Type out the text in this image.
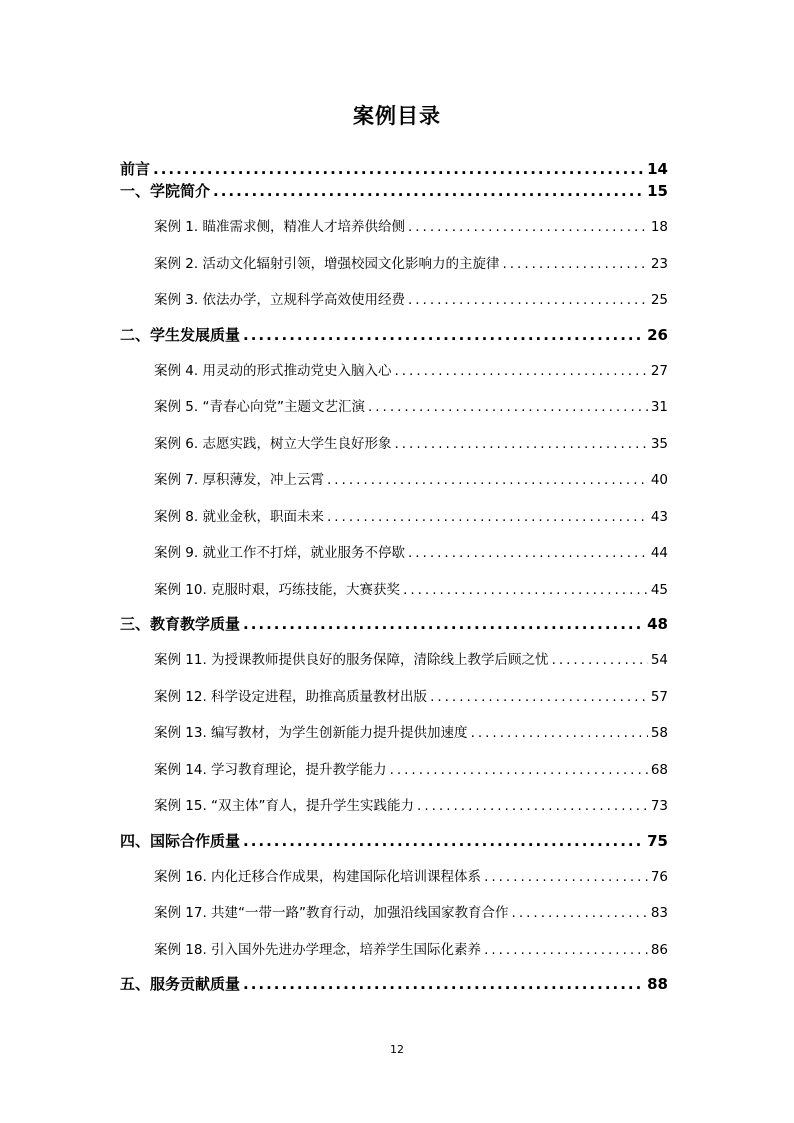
案例目录
前言 .....	14
一、学院简介 .....	15
案例 1. 瞄准需求侧，精准人才培养供给侧 .....	18
案例 2. 活动文化辐射引领，增强校园文化影响力的主旋律 .....	23
案例 3. 依法办学，立规科学高效使用经费 .....	25
二、学生发展质量 .....	26
案例 4. 用灵动的形式推动党史入脑入心 .....	27
案例 5. “青春心向党”主题文艺汇演 .....	31
案例 6. 志愿实践，树立大学生良好形象 .....	35
案例 7. 厚积薄发，冲上云霄 .....	40
案例 8. 就业金秋，职面未来 .....	43
案例 9. 就业工作不打烊，就业服务不停歇 .....	44
案例 10. 克服时艰，巧练技能，大赛获奖 .....	45
三、教育教学质量 .....	48
案例 11. 为授课教师提供良好的服务保障，清除线上教学后顾之忧 .....	54
案例 12. 科学设定进程，助推高质量教材出版 .....	57
案例 13. 编写教材，为学生创新能力提升提供加速度 .....	58
案例 14. 学习教育理论，提升教学能力 .....	68
案例 15. “双主体”育人，提升学生实践能力 .....	73
四、国际合作质量 .....	75
案例 16. 内化迁移合作成果，构建国际化培训课程体系 .....	76
案例 17. 共建“一带一路”教育行动，加强沿线国家教育合作 .....	83
案例 18. 引入国外先进办学理念，培养学生国际化素养 .....	86
五、服务贡献质量 .....	88
12
